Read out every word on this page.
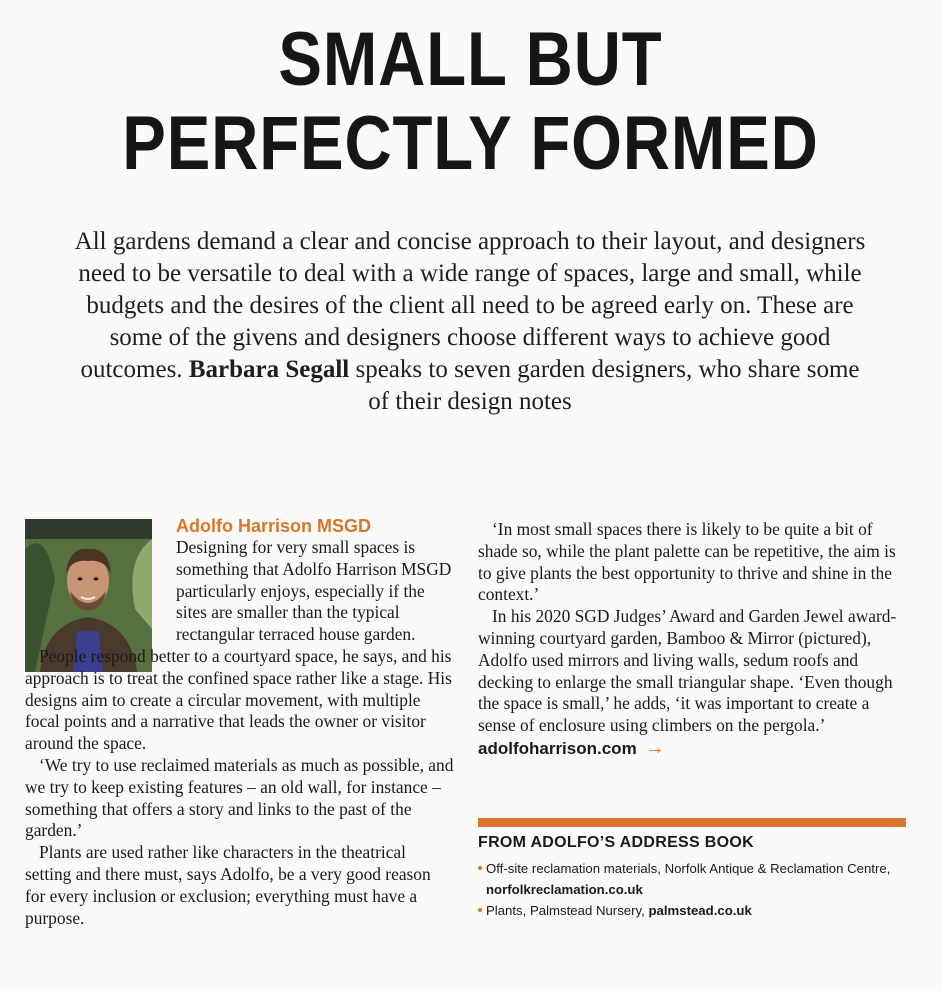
SMALL BUT
PERFECTLY FORMED
All gardens demand a clear and concise approach to their layout, and designers need to be versatile to deal with a wide range of spaces, large and small, while budgets and the desires of the client all need to be agreed early on. These are some of the givens and designers choose different ways to achieve good outcomes. Barbara Segall speaks to seven garden designers, who share some of their design notes
Adolfo Harrison MSGD
Designing for very small spaces is something that Adolfo Harrison MSGD particularly enjoys, especially if the sites are smaller than the typical rectangular terraced house garden.

People respond better to a courtyard space, he says, and his approach is to treat the confined space rather like a stage. His designs aim to create a circular movement, with multiple focal points and a narrative that leads the owner or visitor around the space.

‘We try to use reclaimed materials as much as possible, and we try to keep existing features – an old wall, for instance – something that offers a story and links to the past of the garden.’

Plants are used rather like characters in the theatrical setting and there must, says Adolfo, be a very good reason for every inclusion or exclusion; everything must have a purpose.

‘In most small spaces there is likely to be quite a bit of shade so, while the plant palette can be repetitive, the aim is to give plants the best opportunity to thrive and shine in the context.’

In his 2020 SGD Judges’ Award and Garden Jewel award-winning courtyard garden, Bamboo & Mirror (pictured), Adolfo used mirrors and living walls, sedum roofs and decking to enlarge the small triangular shape. ‘Even though the space is small,’ he adds, ‘it was important to create a sense of enclosure using climbers on the pergola.’

adolfoharrison.com →
FROM ADOLFO’S ADDRESS BOOK
Off-site reclamation materials, Norfolk Antique & Reclamation Centre, norfolkreclamation.co.uk
Plants, Palmstead Nursery, palmstead.co.uk
